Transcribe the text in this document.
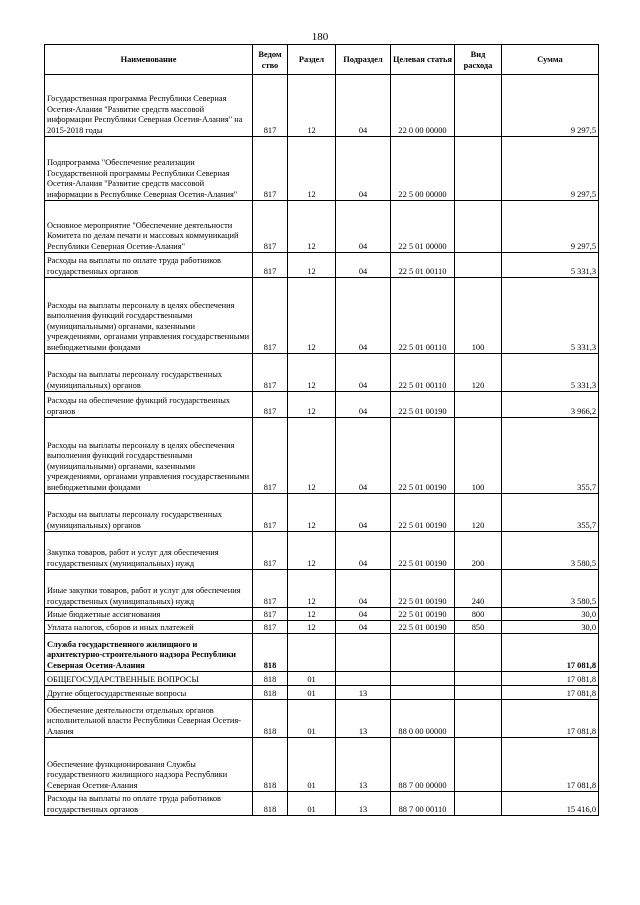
180
Наименование	Ведом ство	Раздел	Подраздел	Целевая статья	Вид расхода	Сумма
Государственная программа Республики Северная Осетия-Алания "Развитие средств массовой информации Республики Северная Осетия-Алания" на 2015-2018 годы	817	12	04	22 0 00 00000		9 297,5
Подпрограмма "Обеспечение реализации Государственной программы Республики Северная Осетия-Алания "Развитие средств массовой информации в Республике Северная Осетия-Алания"	817	12	04	22 5 00 00000		9 297,5
Основное мероприятие "Обеспечение деятельности Комитета по делам печати и массовых коммуникаций Республики Северная Осетия-Алания"	817	12	04	22 5 01 00000		9 297,5
Расходы на выплаты по оплате труда работников государственных органов	817	12	04	22 5 01 00110		5 331,3
Расходы на выплаты персоналу в целях обеспечения выполнения функций государственными (муниципальными) органами, казенными учреждениями, органами управления государственными внебюджетными фондами	817	12	04	22 5 01 00110	100	5 331,3
Расходы на выплаты персоналу государственных (муниципальных) органов	817	12	04	22 5 01 00110	120	5 331,3
Расходы на обеспечение функций государственных органов	817	12	04	22 5 01 00190		3 966,2
Расходы на выплаты персоналу в целях обеспечения выполнения функций государственными (муниципальными) органами, казенными учреждениями, органами управления государственными внебюджетными фондами	817	12	04	22 5 01 00190	100	355,7
Расходы на выплаты персоналу государственных (муниципальных) органов	817	12	04	22 5 01 00190	120	355,7
Закупка товаров, работ и услуг для обеспечения государственных (муниципальных) нужд	817	12	04	22 5 01 00190	200	3 580,5
Иные закупки товаров, работ и услуг для обеспечения государственных (муниципальных) нужд	817	12	04	22 5 01 00190	240	3 580,5
Иные бюджетные ассигнования	817	12	04	22 5 01 00190	800	30,0
Уплата налогов, сборов и иных платежей	817	12	04	22 5 01 00190	850	30,0
Служба государственного жилищного и архитектурно-строительного надзора Республики Северная Осетия-Алания	818					17 081,8
ОБЩЕГОСУДАРСТВЕННЫЕ ВОПРОСЫ	818	01				17 081,8
Другие общегосударственные вопросы	818	01	13			17 081,8
Обеспечение деятельности отдельных органов исполнительной власти Республики Северная Осетия-Алания	818	01	13	88 0 00 00000		17 081,8
Обеспечение функционирования Службы государственного жилищного надзора Республики Северная Осетия-Алания	818	01	13	88 7 00 00000		17 081,8
Расходы на выплаты по оплате труда работников государственных органов	818	01	13	88 7 00 00110		15 416,0
